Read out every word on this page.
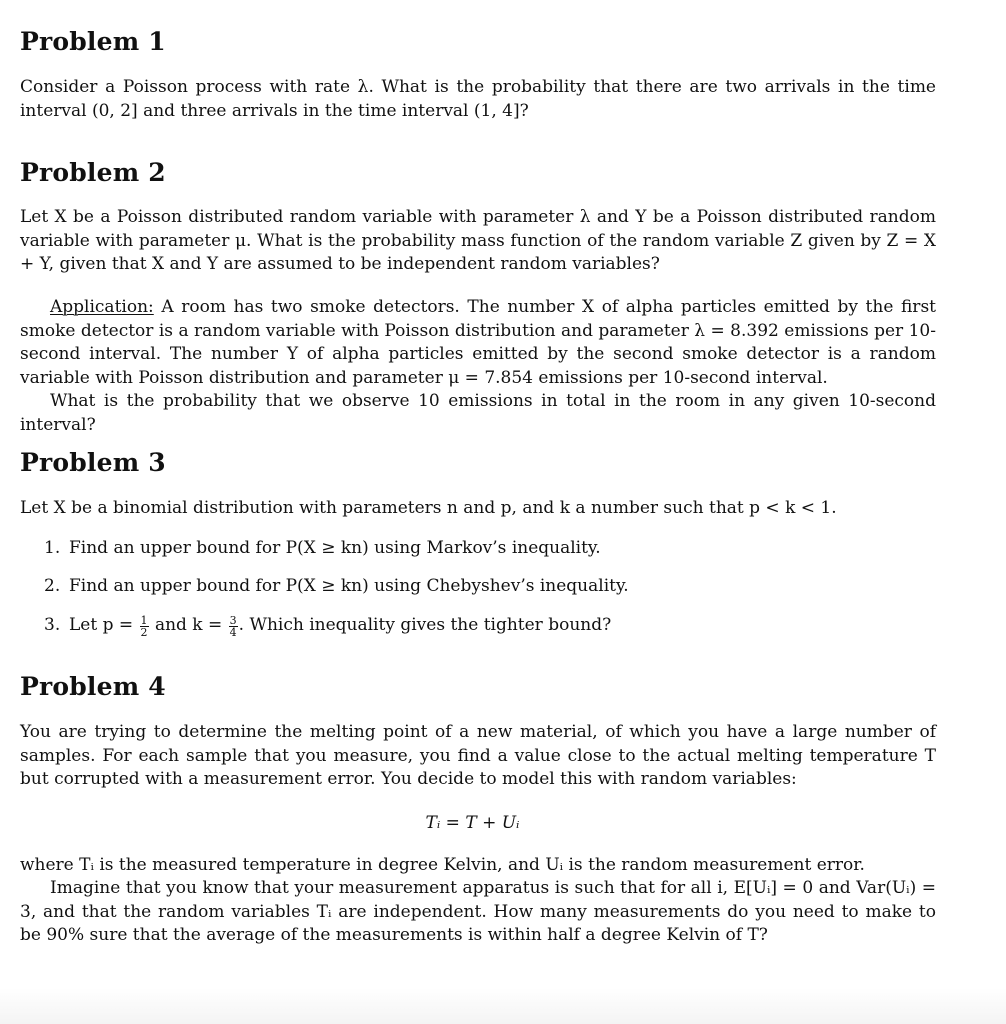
Problem 1

Consider a Poisson process with rate λ. What is the probability that there are two arrivals in the time interval (0, 2] and three arrivals in the time interval (1, 4]?

Problem 2

Let X be a Poisson distributed random variable with parameter λ and Y be a Poisson distributed random variable with parameter μ. What is the probability mass function of the random variable Z given by Z = X + Y, given that X and Y are assumed to be independent random variables?

Application: A room has two smoke detectors. The number X of alpha particles emitted by the first smoke detector is a random variable with Poisson distribution and parameter λ = 8.392 emissions per 10-second interval. The number Y of alpha particles emitted by the second smoke detector is a random variable with Poisson distribution and parameter μ = 7.854 emissions per 10-second interval.

What is the probability that we observe 10 emissions in total in the room in any given 10-second interval?

Problem 3

Let X be a binomial distribution with parameters n and p, and k a number such that p < k < 1.

1. Find an upper bound for P(X ≥ kn) using Markov’s inequality.

2. Find an upper bound for P(X ≥ kn) using Chebyshev’s inequality.

3. Let $p = \frac{1}{2}$ and $k = \frac{3}{4}$ . Which inequality gives the tighter bound?

Problem 4

You are trying to determine the melting point of a new material, of which you have a large number of samples. For each sample that you measure, you find a value close to the actual melting temperature T but corrupted with a measurement error. You decide to model this with random variables:

Tᵢ = T + Uᵢ

where Tᵢ is the measured temperature in degree Kelvin, and Uᵢ is the random measurement error.

Imagine that you know that your measurement apparatus is such that for all i, E[Uᵢ] = 0 and Var(Uᵢ) = 3, and that the random variables Tᵢ are independent. How many measurements do you need to make to be 90% sure that the average of the measurements is within half a degree Kelvin of T?
